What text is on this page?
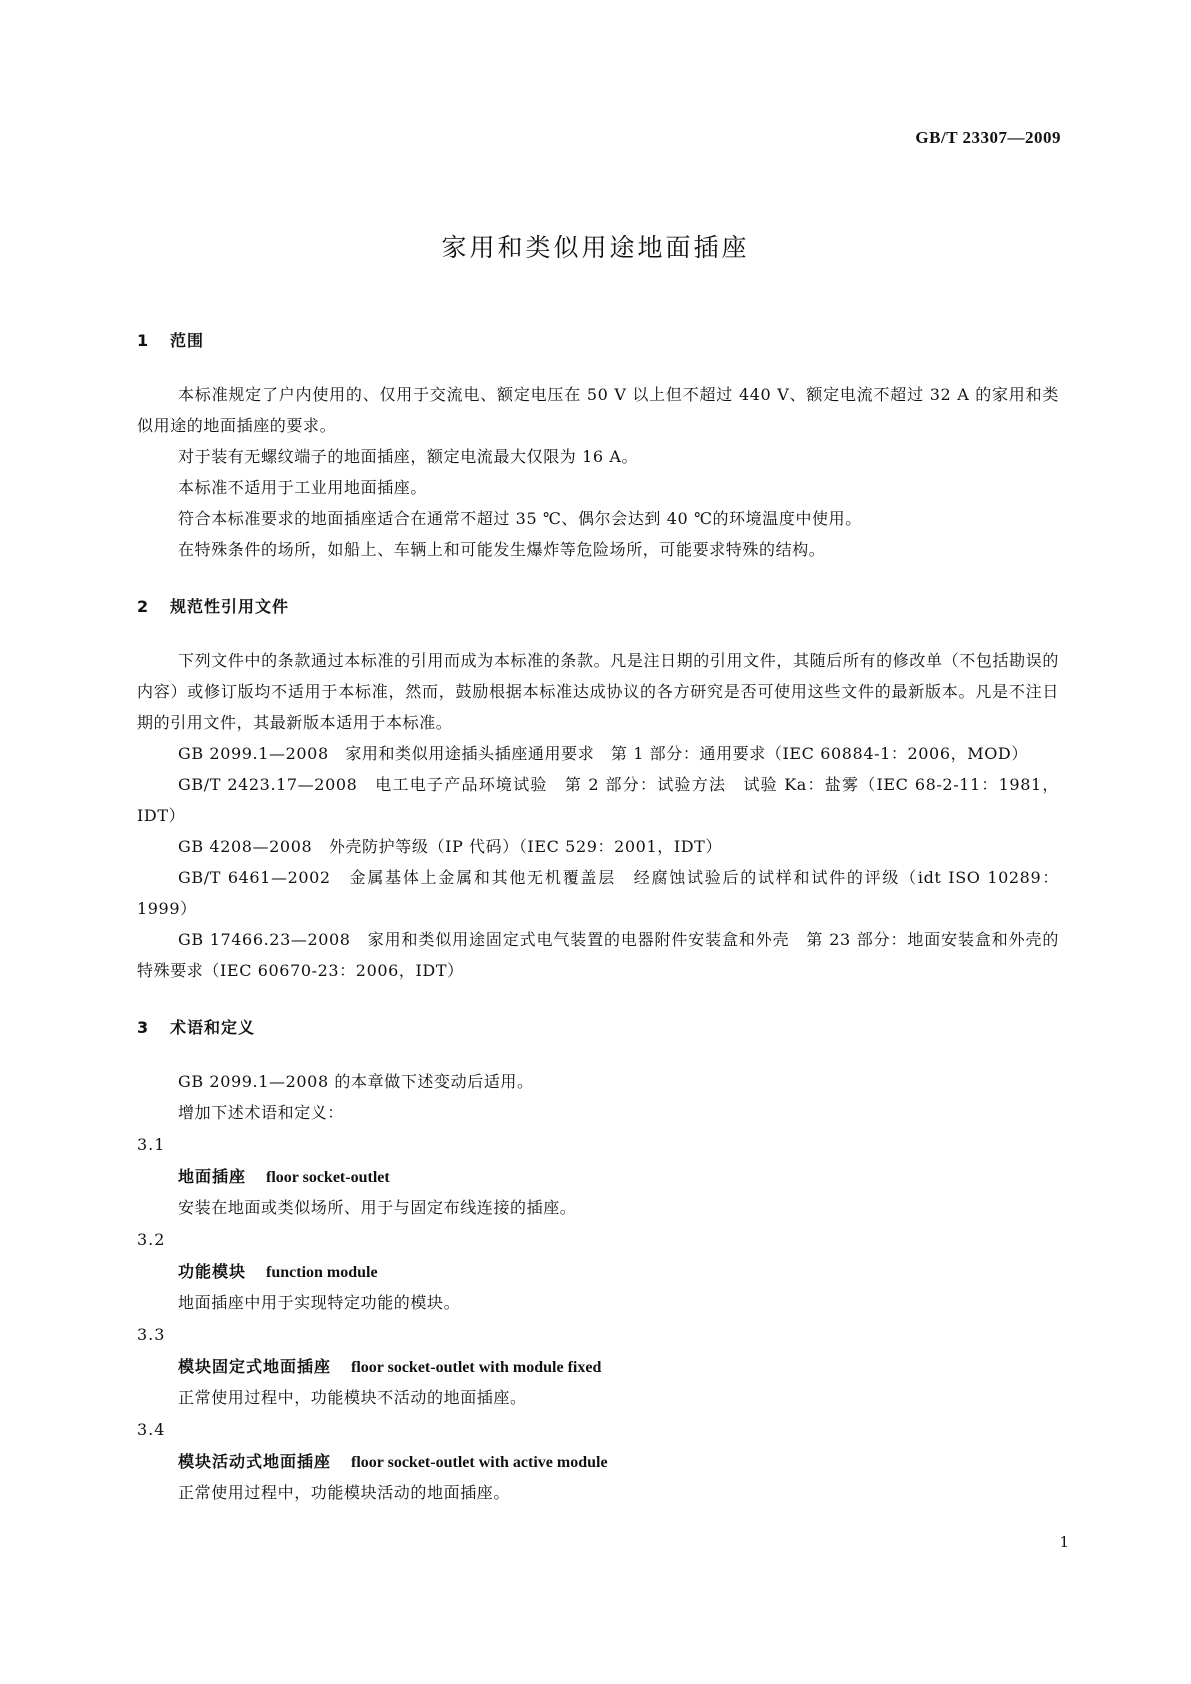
GB/T 23307—2009
家用和类似用途地面插座
1 范围

本标准规定了户内使用的、仅用于交流电、额定电压在 50 V 以上但不超过 440 V、额定电流不超过 32 A 的家用和类似用途的地面插座的要求。

对于装有无螺纹端子的地面插座，额定电流最大仅限为 16 A。

本标准不适用于工业用地面插座。

符合本标准要求的地面插座适合在通常不超过 35 ℃、偶尔会达到 40 ℃的环境温度中使用。

在特殊条件的场所，如船上、车辆上和可能发生爆炸等危险场所，可能要求特殊的结构。

2 规范性引用文件

下列文件中的条款通过本标准的引用而成为本标准的条款。凡是注日期的引用文件，其随后所有的修改单（不包括勘误的内容）或修订版均不适用于本标准，然而，鼓励根据本标准达成协议的各方研究是否可使用这些文件的最新版本。凡是不注日期的引用文件，其最新版本适用于本标准。

GB 2099.1—2008　家用和类似用途插头插座通用要求　第 1 部分：通用要求（IEC 60884-1：2006，MOD）

GB/T 2423.17—2008　电工电子产品环境试验　第 2 部分：试验方法　试验 Ka：盐雾（IEC 68-2-11：1981，IDT）

GB 4208—2008　外壳防护等级（IP 代码）（IEC 529：2001，IDT）

GB/T 6461—2002　金属基体上金属和其他无机覆盖层　经腐蚀试验后的试样和试件的评级（idt ISO 10289：1999）

GB 17466.23—2008　家用和类似用途固定式电气装置的电器附件安装盒和外壳　第 23 部分：地面安装盒和外壳的特殊要求（IEC 60670-23：2006，IDT）

3 术语和定义

GB 2099.1—2008 的本章做下述变动后适用。

增加下述术语和定义：

3.1
地面插座 floor socket-outlet
安装在地面或类似场所、用于与固定布线连接的插座。
3.2
功能模块 function module
地面插座中用于实现特定功能的模块。
3.3
模块固定式地面插座 floor socket-outlet with module fixed
正常使用过程中，功能模块不活动的地面插座。
3.4
模块活动式地面插座 floor socket-outlet with active module
正常使用过程中，功能模块活动的地面插座。
1
